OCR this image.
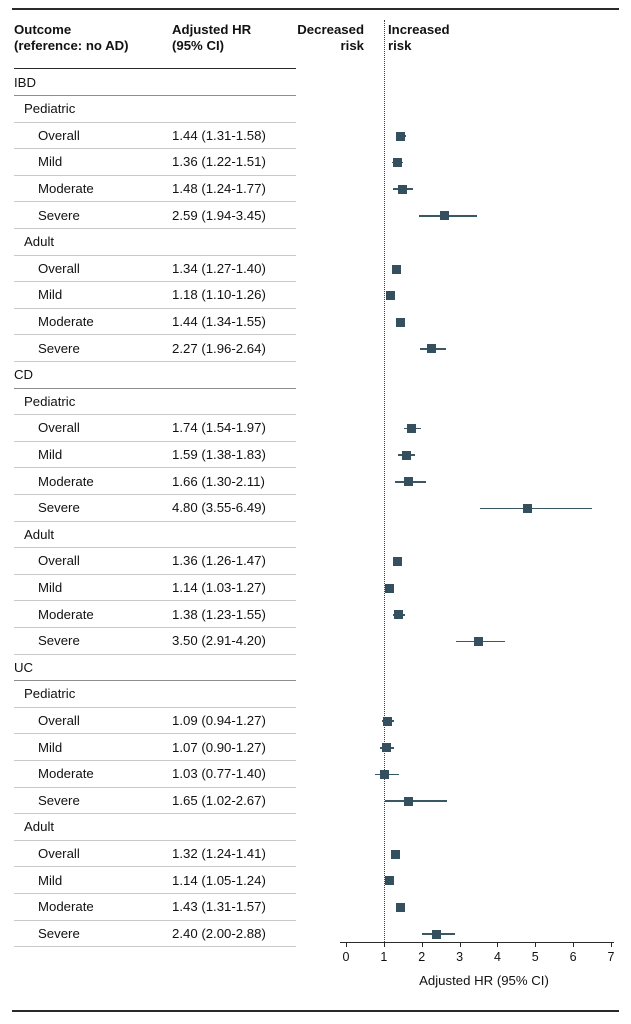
Outcome
(reference: no AD)
Adjusted HR
(95% CI)
Decreased
risk
Increased
risk
IBD
Pediatric
Overall	1.44 (1.31-1.58)
Mild	1.36 (1.22-1.51)
Moderate	1.48 (1.24-1.77)
Severe	2.59 (1.94-3.45)
Adult
Overall	1.34 (1.27-1.40)
Mild	1.18 (1.10-1.26)
Moderate	1.44 (1.34-1.55)
Severe	2.27 (1.96-2.64)
CD
Pediatric
Overall	1.74 (1.54-1.97)
Mild	1.59 (1.38-1.83)
Moderate	1.66 (1.30-2.11)
Severe	4.80 (3.55-6.49)
Adult
Overall	1.36 (1.26-1.47)
Mild	1.14 (1.03-1.27)
Moderate	1.38 (1.23-1.55)
Severe	3.50 (2.91-4.20)
UC
Pediatric
Overall	1.09 (0.94-1.27)
Mild	1.07 (0.90-1.27)
Moderate	1.03 (0.77-1.40)
Severe	1.65 (1.02-2.67)
Adult
Overall	1.32 (1.24-1.41)
Mild	1.14 (1.05-1.24)
Moderate	1.43 (1.31-1.57)
Severe	2.40 (2.00-2.88)
Adjusted HR (95% CI)
0	1	2	3	4	5	6	7
